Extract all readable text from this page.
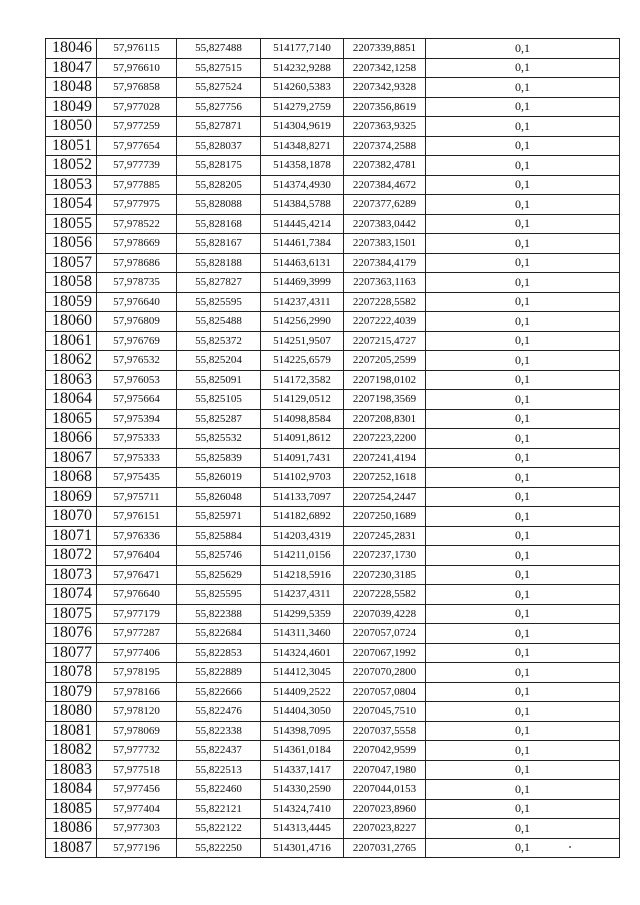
18046	57,976115	55,827488	514177,7140	2207339,8851	0,1
18047	57,976610	55,827515	514232,9288	2207342,1258	0,1
18048	57,976858	55,827524	514260,5383	2207342,9328	0,1
18049	57,977028	55,827756	514279,2759	2207356,8619	0,1
18050	57,977259	55,827871	514304,9619	2207363,9325	0,1
18051	57,977654	55,828037	514348,8271	2207374,2588	0,1
18052	57,977739	55,828175	514358,1878	2207382,4781	0,1
18053	57,977885	55,828205	514374,4930	2207384,4672	0,1
18054	57,977975	55,828088	514384,5788	2207377,6289	0,1
18055	57,978522	55,828168	514445,4214	2207383,0442	0,1
18056	57,978669	55,828167	514461,7384	2207383,1501	0,1
18057	57,978686	55,828188	514463,6131	2207384,4179	0,1
18058	57,978735	55,827827	514469,3999	2207363,1163	0,1
18059	57,976640	55,825595	514237,4311	2207228,5582	0,1
18060	57,976809	55,825488	514256,2990	2207222,4039	0,1
18061	57,976769	55,825372	514251,9507	2207215,4727	0,1
18062	57,976532	55,825204	514225,6579	2207205,2599	0,1
18063	57,976053	55,825091	514172,3582	2207198,0102	0,1
18064	57,975664	55,825105	514129,0512	2207198,3569	0,1
18065	57,975394	55,825287	514098,8584	2207208,8301	0,1
18066	57,975333	55,825532	514091,8612	2207223,2200	0,1
18067	57,975333	55,825839	514091,7431	2207241,4194	0,1
18068	57,975435	55,826019	514102,9703	2207252,1618	0,1
18069	57,975711	55,826048	514133,7097	2207254,2447	0,1
18070	57,976151	55,825971	514182,6892	2207250,1689	0,1
18071	57,976336	55,825884	514203,4319	2207245,2831	0,1
18072	57,976404	55,825746	514211,0156	2207237,1730	0,1
18073	57,976471	55,825629	514218,5916	2207230,3185	0,1
18074	57,976640	55,825595	514237,4311	2207228,5582	0,1
18075	57,977179	55,822388	514299,5359	2207039,4228	0,1
18076	57,977287	55,822684	514311,3460	2207057,0724	0,1
18077	57,977406	55,822853	514324,4601	2207067,1992	0,1
18078	57,978195	55,822889	514412,3045	2207070,2800	0,1
18079	57,978166	55,822666	514409,2522	2207057,0804	0,1
18080	57,978120	55,822476	514404,3050	2207045,7510	0,1
18081	57,978069	55,822338	514398,7095	2207037,5558	0,1
18082	57,977732	55,822437	514361,0184	2207042,9599	0,1
18083	57,977518	55,822513	514337,1417	2207047,1980	0,1
18084	57,977456	55,822460	514330,2590	2207044,0153	0,1
18085	57,977404	55,822121	514324,7410	2207023,8960	0,1
18086	57,977303	55,822122	514313,4445	2207023,8227	0,1
18087	57,977196	55,822250	514301,4716	2207031,2765	0,1
